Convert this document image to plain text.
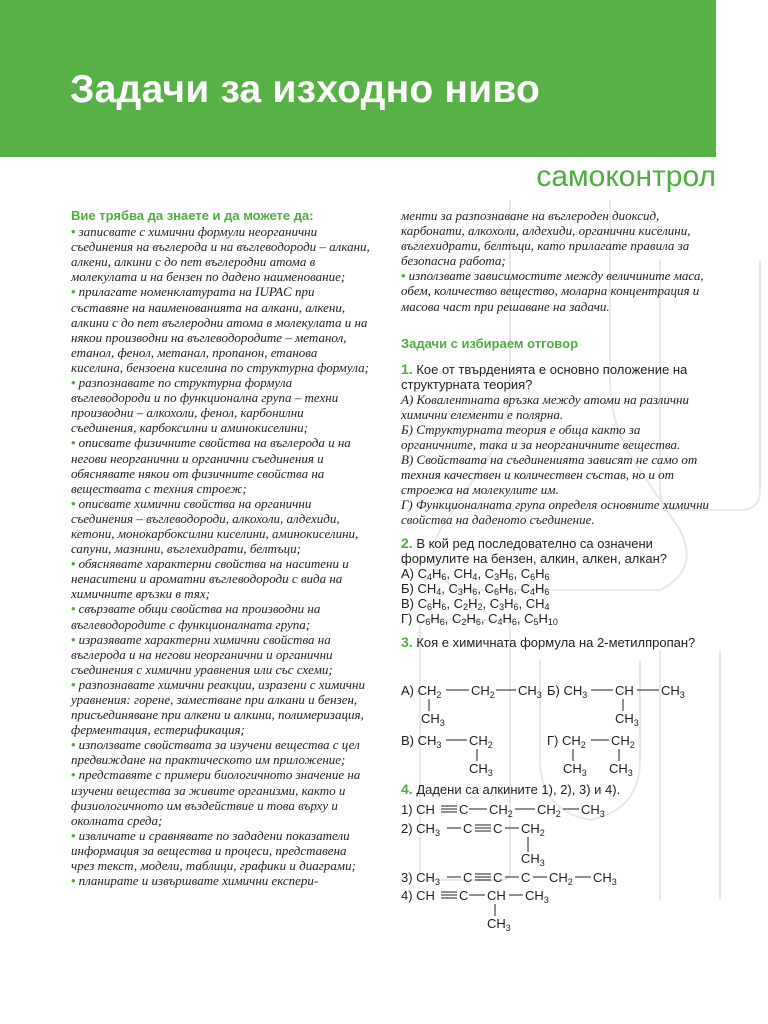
Задачи за изходно ниво
самоконтрол
Вие трябва да знаете и да можете да:
• записвате с химични формули неорганични съединения на въглерода и на въглеводороди – алкани, алкени, алкини с до пет въглеродни атома в молекулата и на бензен по дадено наименование;
• прилагате номенклатурата на IUPAC при съставяне на наименованията на алкани, алкени, алкини с до пет въглеродни атома в молекулата и на някои производни на въглеводородите – метанол, етанол, фенол, метанал, пропанон, етанова киселина, бензоена киселина по структурна формула;
• разпознавате по структурна формула въглеводороди и по функционална група – техни производни – алкохоли, фенол, карбонилни съединения, карбоксилни и аминокиселини;
• описвате физичните свойства на въглерода и на негови неорганични и органични съединения и обяснявате някои от физичните свойства на веществата с техния строеж;
• описвате химични свойства на органични съединения – въглеводороди, алкохоли, алдехиди, кетони, монокарбоксилни киселини, аминокиселини, сапуни, мазнини, въглехидрати, белтъци;
• обяснявате характерни свойства на наситени и ненаситени и ароматни въглеводороди с вида на химичните връзки в тях;
• свързвате общи свойства на производни на въглеводородите с функционалната група;
• изразявате характерни химични свойства на въглерода и на негови неорганични и органични съединения с химични уравнения или със схеми;
• разпознавате химични реакции, изразени с химични уравнения: горене, заместване при алкани и бензен, присъединяване при алкени и алкини, полимеризация, ферментация, естерификация;
• използвате свойствата за изучени вещества с цел предвиждане на практическото им приложение;
• представяте с примери биологичното значение на изучени вещества за живите организми, както и физиологичното им въздействие и това върху и околната среда;
• извличате и сравнявате по зададени показатели информация за вещества и процеси, представена чрез текст, модели, таблици, графики и диаграми;
• планирате и извършвате химични експери-
менти за разпознаване на въглероден диоксид, карбонати, алкохоли, алдехиди, органични киселини, въглехидрати, белтъци, като прилагате правила за безопасна работа;
• използвате зависимостите между величините маса, обем, количество вещество, моларна концентрация и масова част при решаване на задачи.
Задачи с избираем отговор
1. Кое от твърденията е основно положение на структурната теория?
А) Ковалентната връзка между атоми на различни химични елементи е полярна.
Б) Структурната теория е обща както за органичните, така и за неорганичните вещества.
В) Свойствата на съединенията зависят не само от техния качествен и количествен състав, но и от строежа на молекулите им.
Г) Функционалната група определя основните химични свойства на даденото съединение.
2. В кой ред последователно са означени формулите на бензен, алкин, алкен, алкан?
А) $C_4H_6$, $CH_4$, $C_3H_6$, $C_6H_6$
Б) $CH_4$, $C_3H_6$, $C_6H_6$, $C_4H_6$
В) $C_6H_6$, $C_2H_2$, $C_3H_6$, $CH_4$
Г) $C_6H_6$, $C_2H_6$, $C_4H_6$, $C_5H_{10}$
3. Коя е химичната формула на 2-метилпропан?
А) $CH_2$ $CH_2$ $CH_3$
$CH_3$
Б) $CH_3$ CH $CH_3$
$CH_3$
В) $CH_3$ $CH_2$
$CH_3$
Г) $CH_2$ $CH_2$
$CH_3$ $CH_3$
4. Дадени са алкините 1), 2), 3) и 4).
1) CH C $CH_2$ $CH_2$ $CH_3$
2) $CH_3$ C C $CH_2$
$CH_3$
3) $CH_3$ C C C $CH_2$ $CH_3$
4) CH C CH $CH_3$
$CH_3$
